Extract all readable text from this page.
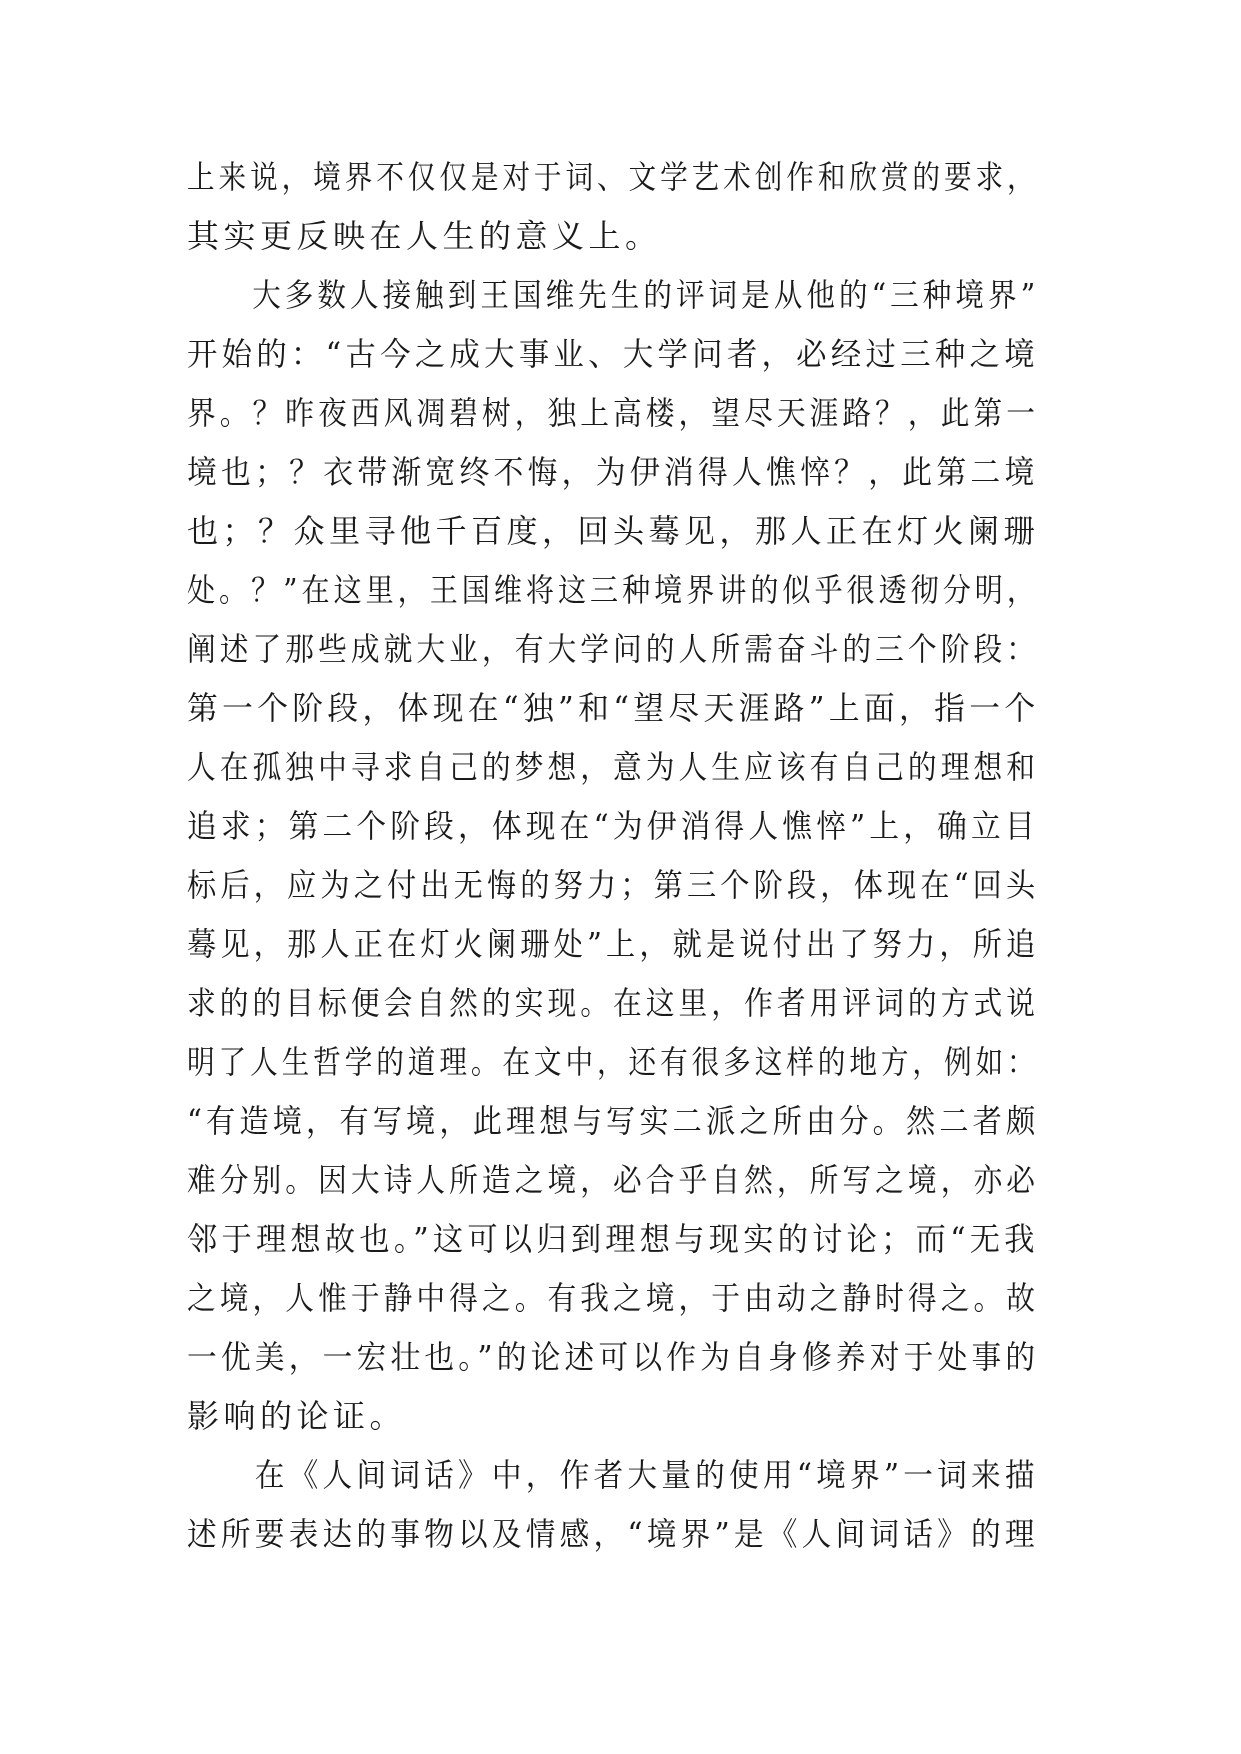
上来说，境界不仅仅是对于词、文学艺术创作和欣赏的要求，
其实更反映在人生的意义上。
　　大多数人接触到王国维先生的评词是从他的“三种境界”
开始的：“古今之成大事业、大学问者，必经过三种之境
界。？昨夜西风凋碧树，独上高楼，望尽天涯路？，此第一
境也；？衣带渐宽终不悔，为伊消得人憔悴？，此第二境
也；？众里寻他千百度，回头蓦见，那人正在灯火阑珊
处。？”在这里，王国维将这三种境界讲的似乎很透彻分明，
阐述了那些成就大业，有大学问的人所需奋斗的三个阶段：
第一个阶段，体现在“独”和“望尽天涯路”上面，指一个
人在孤独中寻求自己的梦想，意为人生应该有自己的理想和
追求；第二个阶段，体现在“为伊消得人憔悴”上，确立目
标后，应为之付出无悔的努力；第三个阶段，体现在“回头
蓦见，那人正在灯火阑珊处”上，就是说付出了努力，所追
求的的目标便会自然的实现。在这里，作者用评词的方式说
明了人生哲学的道理。在文中，还有很多这样的地方，例如：
“有造境，有写境，此理想与写实二派之所由分。然二者颇
难分别。因大诗人所造之境，必合乎自然，所写之境，亦必
邻于理想故也。”这可以归到理想与现实的讨论；而“无我
之境，人惟于静中得之。有我之境，于由动之静时得之。故
一优美，一宏壮也。”的论述可以作为自身修养对于处事的
影响的论证。
　　在《人间词话》中，作者大量的使用“境界”一词来描
述所要表达的事物以及情感，“境界”是《人间词话》的理
